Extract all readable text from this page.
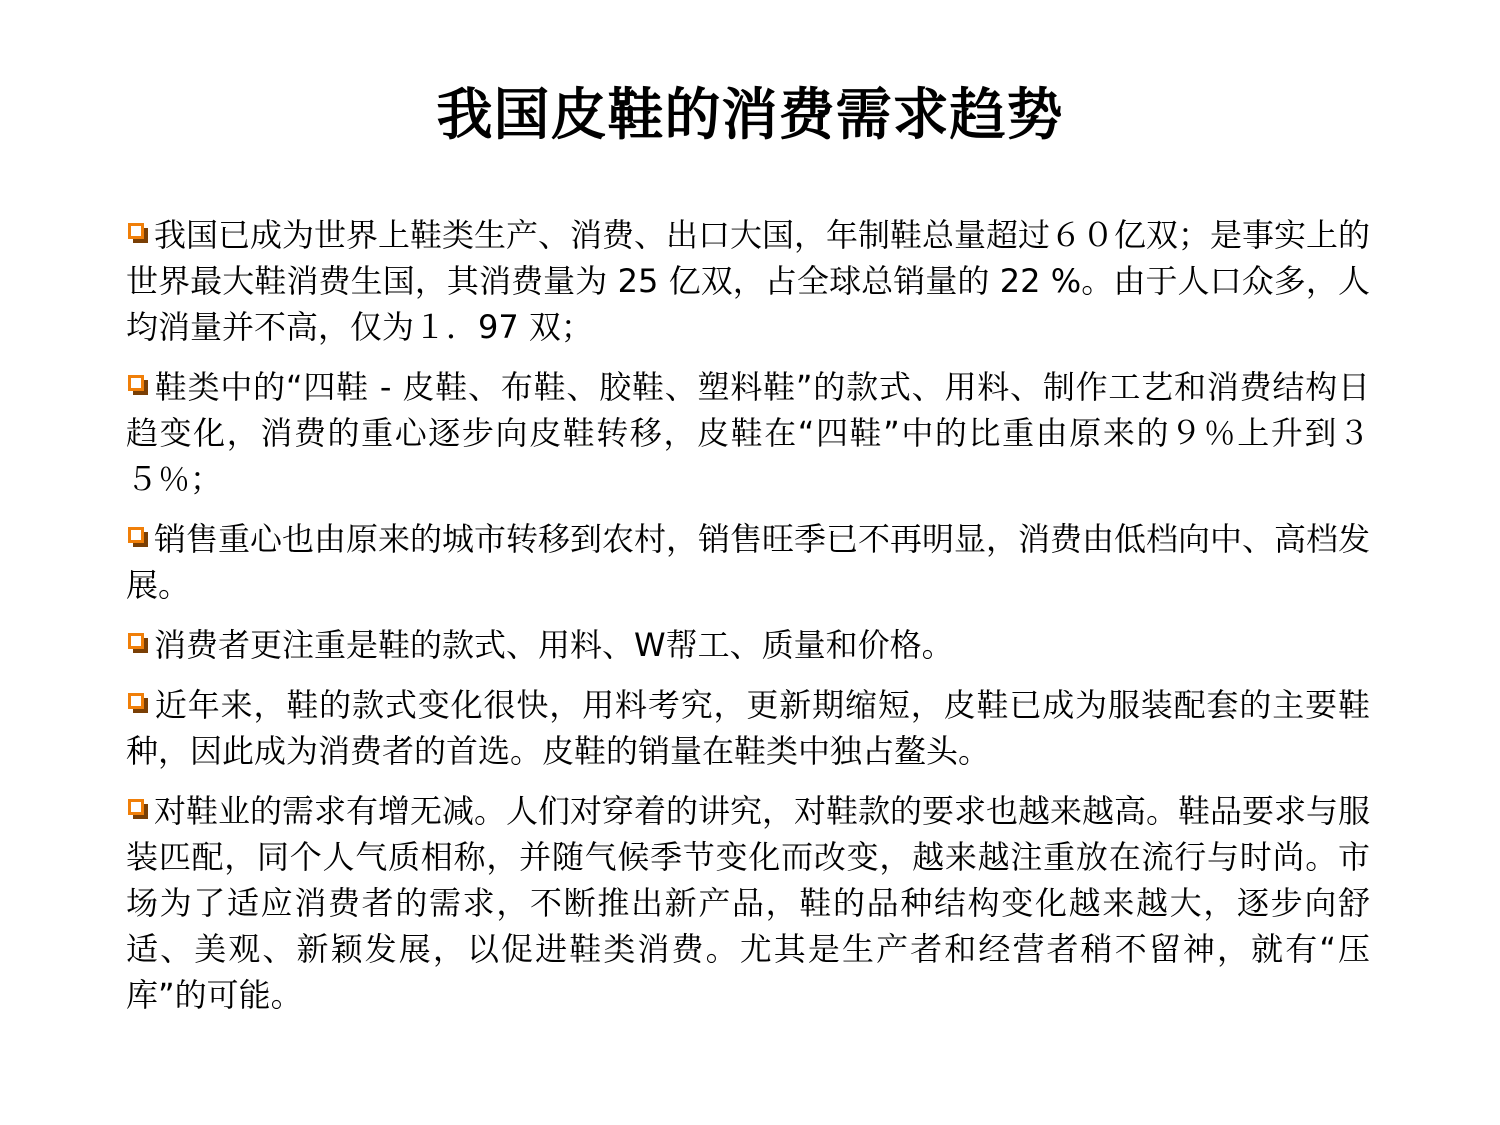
我国皮鞋的消费需求趋势
我国已成为世界上鞋类生产、消费、出口大国，年制鞋总量超过６０亿双；是事实上的世界最大鞋消费生国，其消费量为 25 亿双，占全球总销量的 22 %。由于人口众多，人均消量并不高，仅为１．97 双；
鞋类中的“四鞋 - 皮鞋、布鞋、胶鞋、塑料鞋”的款式、用料、制作工艺和消费结构日趋变化，消费的重心逐步向皮鞋转移，皮鞋在“四鞋”中的比重由原来的９％上升到３５％；
销售重心也由原来的城市转移到农村，销售旺季已不再明显，消费由低档向中、高档发展。
消费者更注重是鞋的款式、用料、W帮工、质量和价格。
近年来，鞋的款式变化很快，用料考究，更新期缩短，皮鞋已成为服装配套的主要鞋种，因此成为消费者的首选。皮鞋的销量在鞋类中独占鳌头。
对鞋业的需求有增无减。人们对穿着的讲究，对鞋款的要求也越来越高。鞋品要求与服装匹配，同个人气质相称，并随气候季节变化而改变，越来越注重放在流行与时尚。市场为了适应消费者的需求，不断推出新产品，鞋的品种结构变化越来越大，逐步向舒适、美观、新颖发展，以促进鞋类消费。尤其是生产者和经营者稍不留神，就有“压库”的可能。
